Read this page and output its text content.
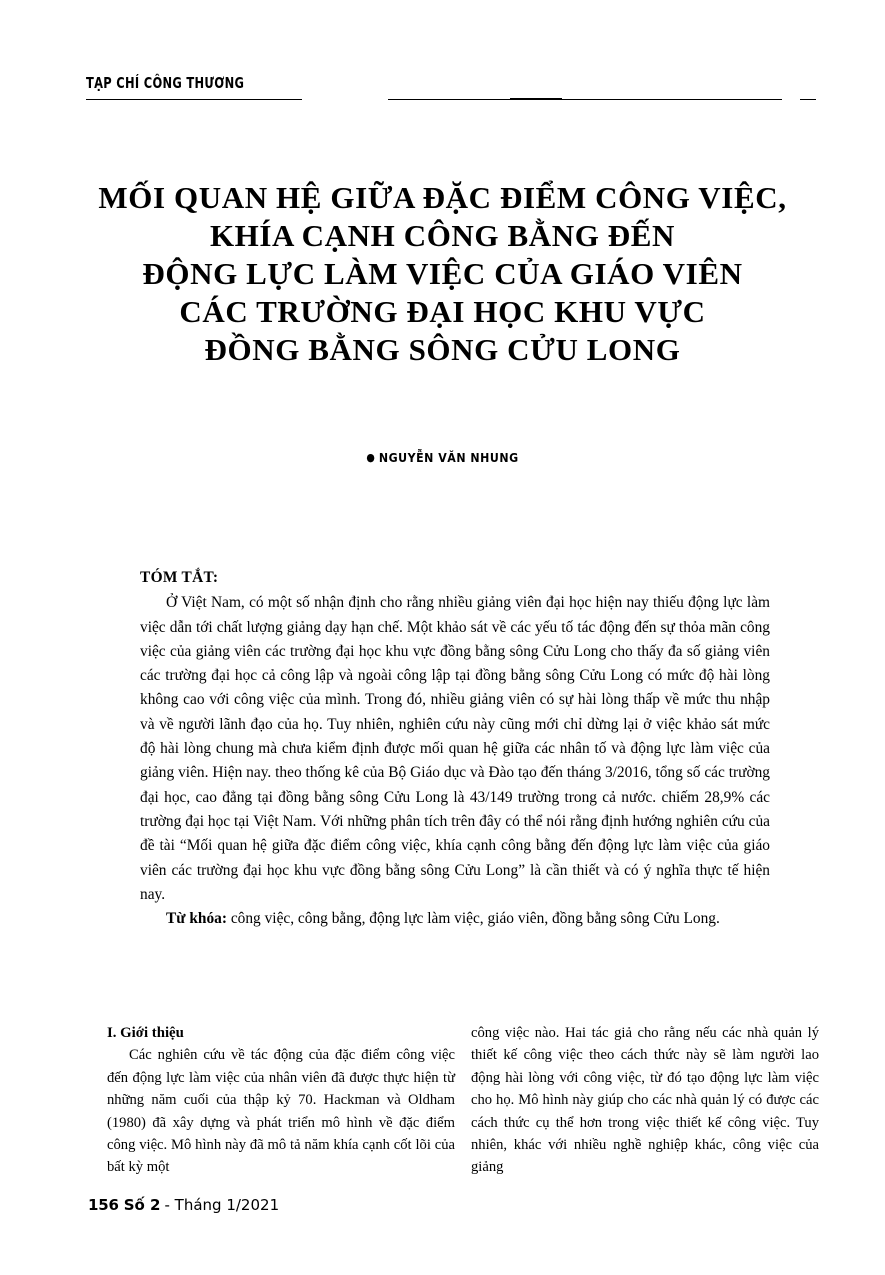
TẠP CHÍ CÔNG THƯƠNG
MỐI QUAN HỆ GIỮA ĐẶC ĐIỂM CÔNG VIỆC,
KHÍA CẠNH CÔNG BẰNG ĐẾN
ĐỘNG LỰC LÀM VIỆC CỦA GIÁO VIÊN
CÁC TRƯỜNG ĐẠI HỌC KHU VỰC
ĐỒNG BẰNG SÔNG CỬU LONG
● NGUYỄN VĂN NHUNG
TÓM TẮT:
Ở Việt Nam, có một số nhận định cho rằng nhiều giảng viên đại học hiện nay thiếu động lực làm việc dẫn tới chất lượng giảng dạy hạn chế. Một khảo sát về các yếu tố tác động đến sự thỏa mãn công việc của giảng viên các trường đại học khu vực đồng bằng sông Cửu Long cho thấy đa số giảng viên các trường đại học cả công lập và ngoài công lập tại đồng bằng sông Cửu Long có mức độ hài lòng không cao với công việc của mình. Trong đó, nhiều giảng viên có sự hài lòng thấp về mức thu nhập và về người lãnh đạo của họ. Tuy nhiên, nghiên cứu này cũng mới chỉ dừng lại ở việc khảo sát mức độ hài lòng chung mà chưa kiểm định được mối quan hệ giữa các nhân tố và động lực làm việc của giảng viên. Hiện nay. theo thống kê của Bộ Giáo dục và Đào tạo đến tháng 3/2016, tổng số các trường đại học, cao đẳng tại đồng bằng sông Cửu Long là 43/149 trường trong cả nước. chiếm 28,9% các trường đại học tại Việt Nam. Với những phân tích trên đây có thể nói rằng định hướng nghiên cứu của đề tài “Mối quan hệ giữa đặc điểm công việc, khía cạnh công bằng đến động lực làm việc của giáo viên các trường đại học khu vực đồng bằng sông Cửu Long” là cần thiết và có ý nghĩa thực tế hiện nay.
Từ khóa: công việc, công bằng, động lực làm việc, giáo viên, đồng bằng sông Cửu Long.
I. Giới thiệu

Các nghiên cứu về tác động của đặc điểm công việc đến động lực làm việc của nhân viên đã được thực hiện từ những năm cuối của thập kỷ 70. Hackman và Oldham (1980) đã xây dựng và phát triển mô hình về đặc điểm công việc. Mô hình này đã mô tả năm khía cạnh cốt lõi của bất kỳ một

công việc nào. Hai tác giả cho rằng nếu các nhà quản lý thiết kế công việc theo cách thức này sẽ làm người lao động hài lòng với công việc, từ đó tạo động lực làm việc cho họ. Mô hình này giúp cho các nhà quản lý có được các cách thức cụ thể hơn trong việc thiết kế công việc. Tuy nhiên, khác với nhiều nghề nghiệp khác, công việc của giảng

156 Số 2 - Tháng 1/2021
